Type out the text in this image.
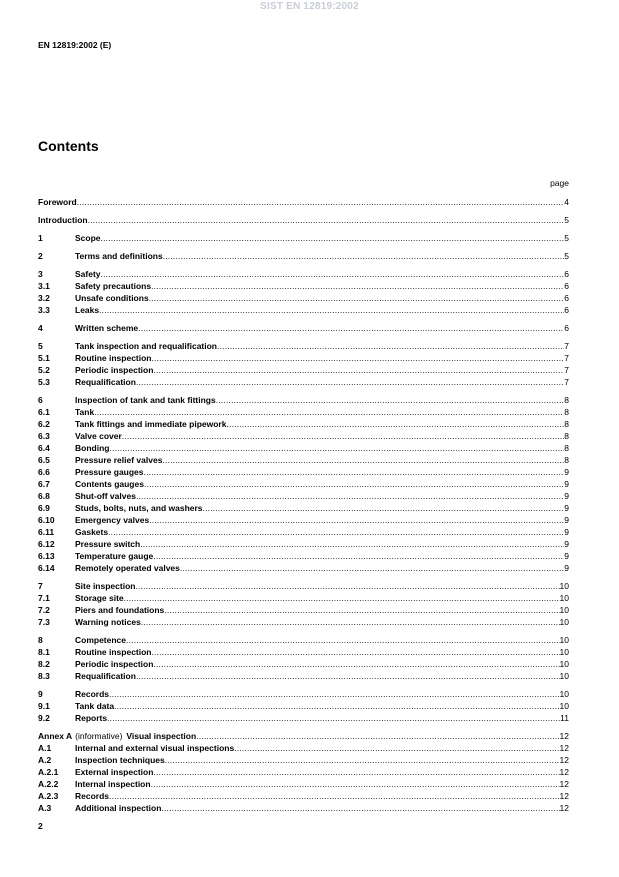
SIST EN 12819:2002
EN 12819:2002 (E)
Contents
page
Foreword .....	4
Introduction .....	5
1	Scope .....	5
2	Terms and definitions .....	5
3	Safety .....	6
3.1	Safety precautions .....	6
3.2	Unsafe conditions .....	6
3.3	Leaks .....	6
4	Written scheme .....	6
5	Tank inspection and requalification .....	7
5.1	Routine inspection .....	7
5.2	Periodic inspection .....	7
5.3	Requalification .....	7
6	Inspection of tank and tank fittings .....	8
6.1	Tank .....	8
6.2	Tank fittings and immediate pipework .....	8
6.3	Valve cover .....	8
6.4	Bonding .....	8
6.5	Pressure relief valves .....	8
6.6	Pressure gauges .....	9
6.7	Contents gauges .....	9
6.8	Shut-off valves .....	9
6.9	Studs, bolts, nuts, and washers .....	9
6.10	Emergency valves .....	9
6.11	Gaskets .....	9
6.12	Pressure switch .....	9
6.13	Temperature gauge .....	9
6.14	Remotely operated valves .....	9
7	Site inspection .....	10
7.1	Storage site .....	10
7.2	Piers and foundations .....	10
7.3	Warning notices .....	10
8	Competence .....	10
8.1	Routine inspection .....	10
8.2	Periodic inspection .....	10
8.3	Requalification .....	10
9	Records .....	10
9.1	Tank data .....	10
9.2	Reports .....	11
Annex A (informative) Visual inspection .....	12
A.1	Internal and external visual inspections .....	12
A.2	Inspection techniques .....	12
A.2.1	External inspection .....	12
A.2.2	Internal inspection .....	12
A.2.3	Records .....	12
A.3	Additional inspection .....	12
2
